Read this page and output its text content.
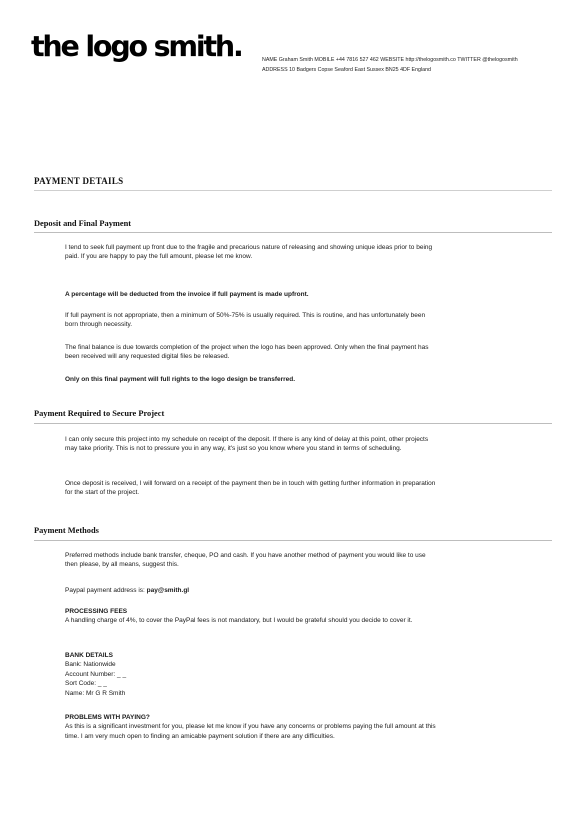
the logo smith.	NAME Graham Smith MOBILE +44 7816 527 462 WEBSITE http://thelogosmith.co TWITTER @thelogosmith
ADDRESS 10 Badgers Copse Seaford East Sussex BN25 4DF England
PAYMENT DETAILS
Deposit and Final Payment

I tend to seek full payment up front due to the fragile and precarious nature of releasing and showing unique ideas prior to being paid. If you are happy to pay the full amount, please let me know.

A percentage will be deducted from the invoice if full payment is made upfront.

If full payment is not appropriate, then a minimum of 50%-75% is usually required. This is routine, and has unfortunately been born through necessity.

The final balance is due towards completion of the project when the logo has been approved. Only when the final payment has been received will any requested digital files be released.

Only on this final payment will full rights to the logo design be transferred.

Payment Required to Secure Project

I can only secure this project into my schedule on receipt of the deposit. If there is any kind of delay at this point, other projects may take priority. This is not to pressure you in any way, it's just so you know where you stand in terms of scheduling.

Once deposit is received, I will forward on a receipt of the payment then be in touch with getting further information in preparation for the start of the project.

Payment Methods

Preferred methods include bank transfer, cheque, PO and cash. If you have another method of payment you would like to use then please, by all means, suggest this.

Paypal payment address is: pay@smith.gl

PROCESSING FEES
A handling charge of 4%, to cover the PayPal fees is not mandatory, but I would be grateful should you decide to cover it.

BANK DETAILS
Bank: Nationwide
Account Number: _ _
Sort Code: _ _
Name: Mr G R Smith

PROBLEMS WITH PAYING?
As this is a significant investment for you, please let me know if you have any concerns or problems paying the full amount at this time. I am very much open to finding an amicable payment solution if there are any difficulties.
